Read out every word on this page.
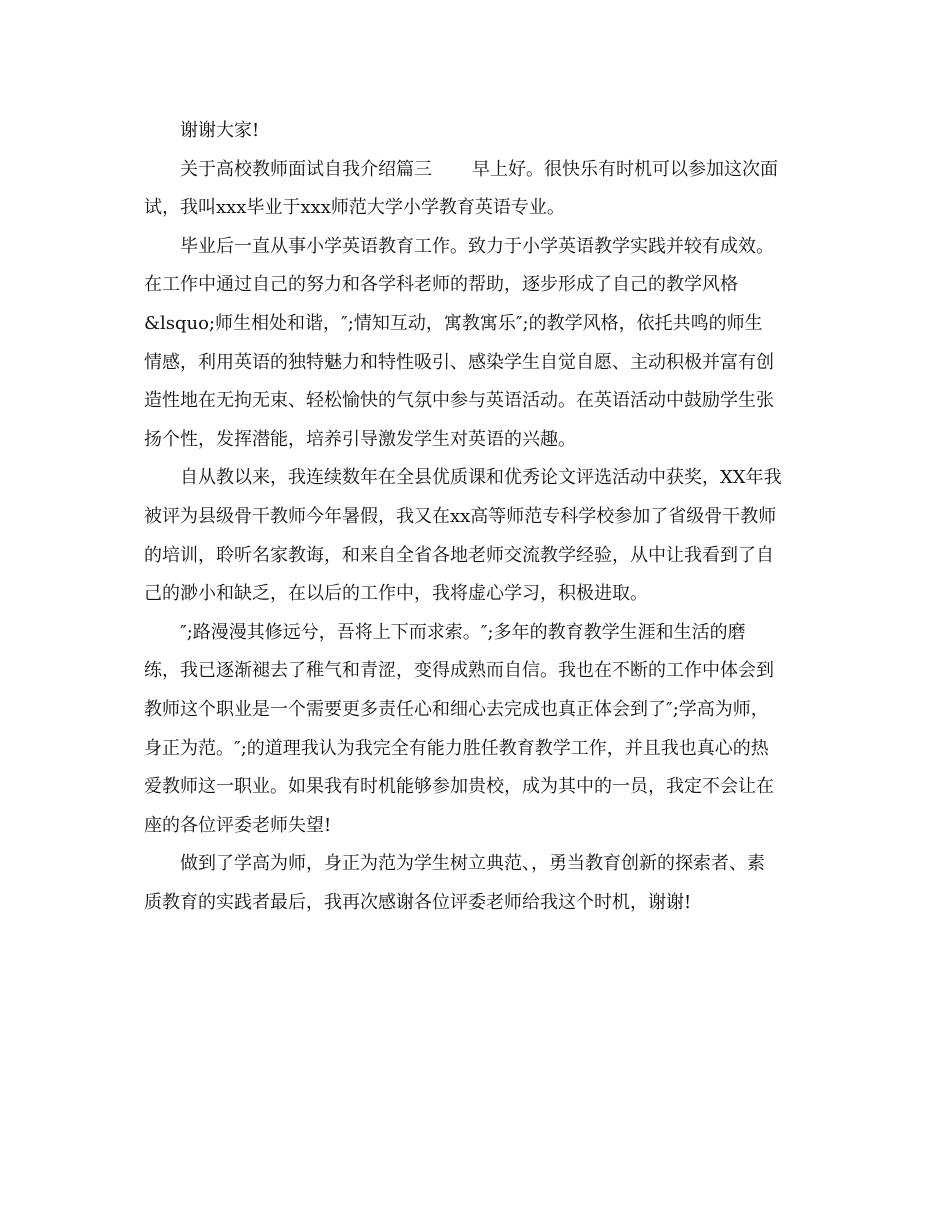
谢谢大家!
关于高校教师面试自我介绍篇三 早上好。很快乐有时机可以参加这次面
试，我叫xxx毕业于xxx师范大学小学教育英语专业。
毕业后一直从事小学英语教育工作。致力于小学英语教学实践并较有成效。
在工作中通过自己的努力和各学科老师的帮助，逐步形成了自己的教学风格
&lsquo;师生相处和谐，″;情知互动，寓教寓乐″;的教学风格，依托共鸣的师生
情感，利用英语的独特魅力和特性吸引、感染学生自觉自愿、主动积极并富有创
造性地在无拘无束、轻松愉快的气氛中参与英语活动。在英语活动中鼓励学生张
扬个性，发挥潜能，培养引导激发学生对英语的兴趣。
自从教以来，我连续数年在全县优质课和优秀论文评选活动中获奖，XX年我
被评为县级骨干教师今年暑假，我又在xx高等师范专科学校参加了省级骨干教师
的培训，聆听名家教诲，和来自全省各地老师交流教学经验，从中让我看到了自
己的渺小和缺乏，在以后的工作中，我将虚心学习，积极进取。
″;路漫漫其修远兮，吾将上下而求索。″;多年的教育教学生涯和生活的磨
练，我已逐渐褪去了稚气和青涩，变得成熟而自信。我也在不断的工作中体会到
教师这个职业是一个需要更多责任心和细心去完成也真正体会到了″;学高为师，
身正为范。″;的道理我认为我完全有能力胜任教育教学工作，并且我也真心的热
爱教师这一职业。如果我有时机能够参加贵校，成为其中的一员，我定不会让在
座的各位评委老师失望!
做到了学高为师，身正为范为学生树立典范、，勇当教育创新的探索者、素
质教育的实践者最后，我再次感谢各位评委老师给我这个时机，谢谢!
